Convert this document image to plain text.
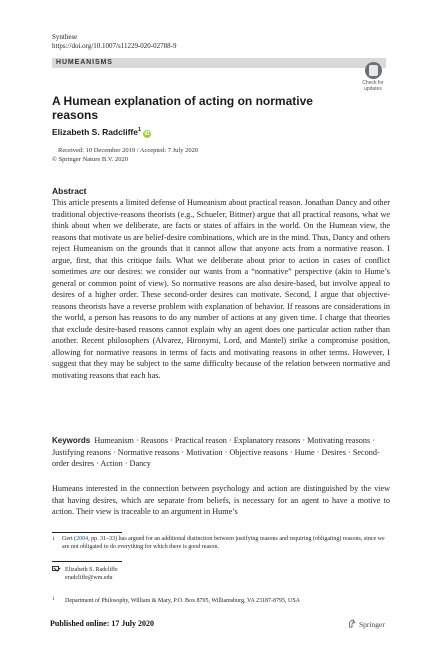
Synthese
https://doi.org/10.1007/s11229-020-02788-9
HUMEANISMS
Check for
updates
A Humean explanation of acting on normative reasons
Elizabeth S. Radcliffe$^1$iD
Received: 10 December 2019 / Accepted: 7 July 2020
© Springer Nature B.V. 2020
Abstract
This article presents a limited defense of Humeanism about practical reason. Jonathan Dancy and other traditional objective-reasons theorists (e.g., Schueler, Bittner) argue that all practical reasons, what we think about when we deliberate, are facts or states of affairs in the world. On the Humean view, the reasons that motivate us are belief-desire combinations, which are in the mind. Thus, Dancy and others reject Humeanism on the grounds that it cannot allow that anyone acts from a normative reason. I argue, first, that this critique fails. What we deliberate about prior to action in cases of conflict sometimes are our desires: we consider our wants from a “normative” perspective (akin to Hume’s general or common point of view). So normative reasons are also desire-based, but involve appeal to desires of a higher order. These second-order desires can motivate. Second, I argue that objective-reasons theorists have a reverse problem with explanation of behavior. If reasons are considerations in the world, a person has reasons to do any number of actions at any given time. I charge that theories that exclude desire-based reasons cannot explain why an agent does one particular action rather than another. Recent philosophers (Alvarez, Hironymi, Lord, and Mantel) strike a compromise position, allowing for normative reasons in terms of facts and motivating reasons in other terms. However, I suggest that they may be subject to the same difficulty because of the relation between normative and motivating reasons that each has.
Keywords Humeanism · Reasons · Practical reason · Explanatory reasons · Motivating reasons · Justifying reasons · Normative reasons · Motivation · Objective reasons · Hume · Desires · Second-order desires · Action · Dancy
Humeans interested in the connection between psychology and action are distinguished by the view that having desires, which are separate from beliefs, is necessary for an agent to have a motive to action. Their view is traceable to an argument in Hume’s
1 Gert (2004, pp. 31–33) has argued for an additional distinction between justifying reasons and requiring (obligating) reasons, since we are not obligated to do everything for which there is good reason.
Elizabeth S. Radcliffe
eradcliffe@wm.edu
1 Department of Philosophy, William & Mary, P.O. Box 8795, Williamsburg, VA 23187-8795, USA
Published online: 17 July 2020	Springer
